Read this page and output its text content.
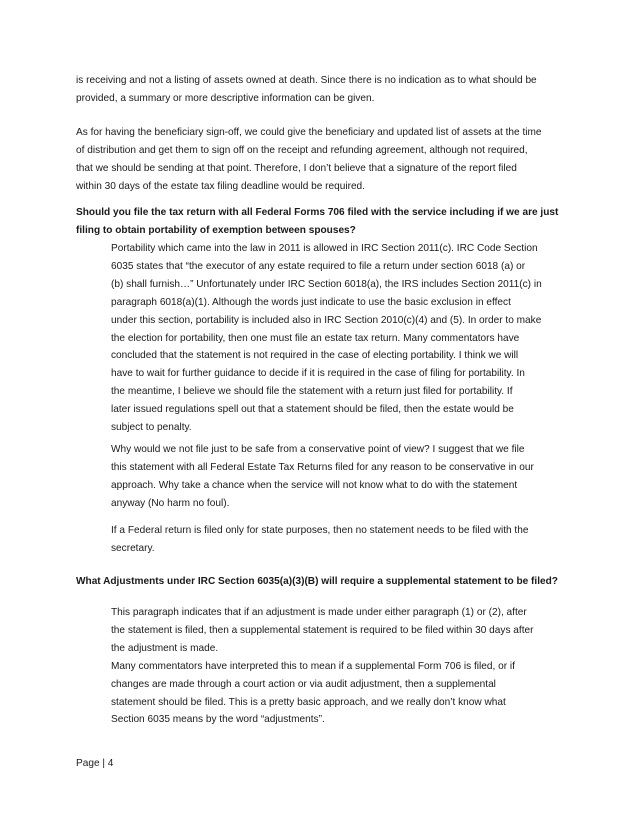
is receiving and not a listing of assets owned at death. Since there is no indication as to what should be
provided, a summary or more descriptive information can be given.
As for having the beneficiary sign-off, we could give the beneficiary and updated list of assets at the time
of distribution and get them to sign off on the receipt and refunding agreement, although not required,
that we should be sending at that point. Therefore, I don’t believe that a signature of the report filed
within 30 days of the estate tax filing deadline would be required.
Should you file the tax return with all Federal Forms 706 filed with the service including if we are just
filing to obtain portability of exemption between spouses?
Portability which came into the law in 2011 is allowed in IRC Section 2011(c). IRC Code Section
6035 states that “the executor of any estate required to file a return under section 6018 (a) or
(b) shall furnish…” Unfortunately under IRC Section 6018(a), the IRS includes Section 2011(c) in
paragraph 6018(a)(1). Although the words just indicate to use the basic exclusion in effect
under this section, portability is included also in IRC Section 2010(c)(4) and (5). In order to make
the election for portability, then one must file an estate tax return. Many commentators have
concluded that the statement is not required in the case of electing portability. I think we will
have to wait for further guidance to decide if it is required in the case of filing for portability. In
the meantime, I believe we should file the statement with a return just filed for portability. If
later issued regulations spell out that a statement should be filed, then the estate would be
subject to penalty.
Why would we not file just to be safe from a conservative point of view? I suggest that we file
this statement with all Federal Estate Tax Returns filed for any reason to be conservative in our
approach. Why take a chance when the service will not know what to do with the statement
anyway (No harm no foul).
If a Federal return is filed only for state purposes, then no statement needs to be filed with the
secretary.
What Adjustments under IRC Section 6035(a)(3)(B) will require a supplemental statement to be filed?
This paragraph indicates that if an adjustment is made under either paragraph (1) or (2), after
the statement is filed, then a supplemental statement is required to be filed within 30 days after
the adjustment is made.
Many commentators have interpreted this to mean if a supplemental Form 706 is filed, or if
changes are made through a court action or via audit adjustment, then a supplemental
statement should be filed. This is a pretty basic approach, and we really don’t know what
Section 6035 means by the word “adjustments”.
Page | 4
